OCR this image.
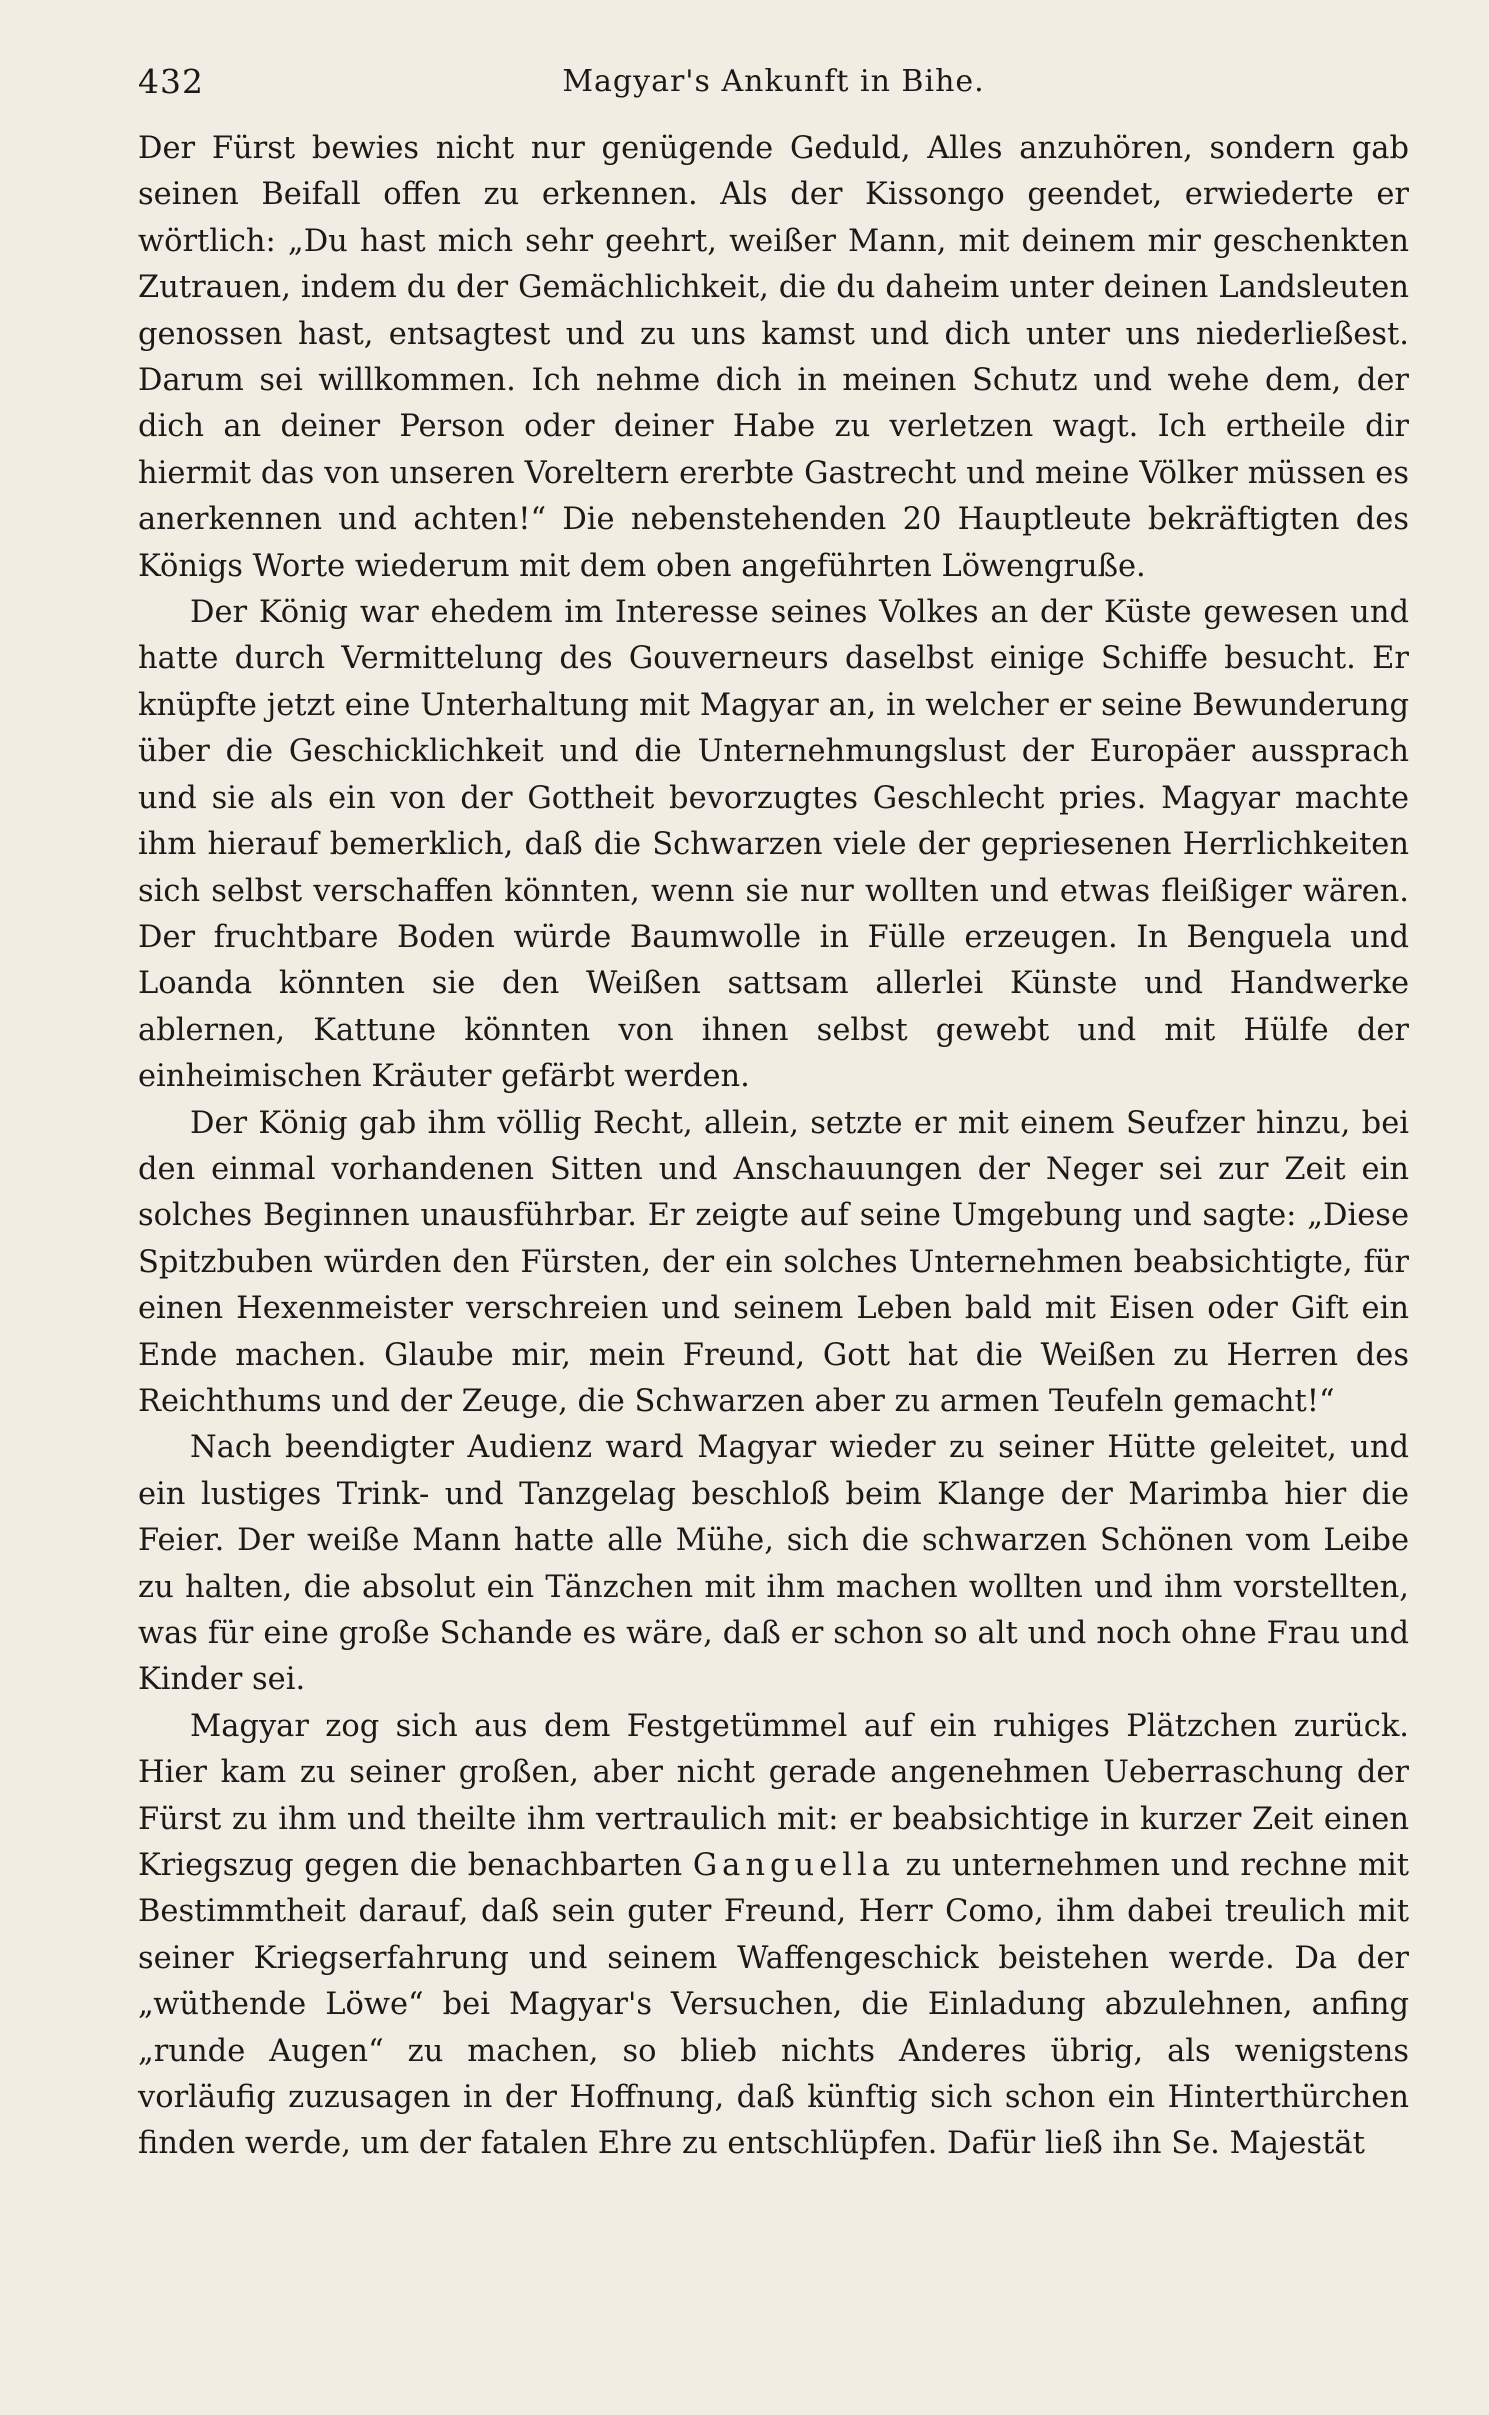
432	Magyar's Ankunft in Bihe.

Der Fürst bewies nicht nur genügende Geduld, Alles anzuhören, sondern gab seinen Beifall offen zu erkennen. Als der Kissongo geendet, erwiederte er wörtlich: „Du hast mich sehr geehrt, weißer Mann, mit deinem mir geschenkten Zutrauen, indem du der Gemächlichkeit, die du daheim unter deinen Landsleuten genossen hast, entsagtest und zu uns kamst und dich unter uns niederließest. Darum sei willkommen. Ich nehme dich in meinen Schutz und wehe dem, der dich an deiner Person oder deiner Habe zu verletzen wagt. Ich ertheile dir hiermit das von unseren Voreltern ererbte Gastrecht und meine Völker müssen es anerkennen und achten!“ Die nebenstehenden 20 Hauptleute bekräftigten des Königs Worte wiederum mit dem oben angeführten Löwengruße.

Der König war ehedem im Interesse seines Volkes an der Küste gewesen und hatte durch Vermittelung des Gouverneurs daselbst einige Schiffe besucht. Er knüpfte jetzt eine Unterhaltung mit Magyar an, in welcher er seine Bewunderung über die Geschicklichkeit und die Unternehmungslust der Europäer aussprach und sie als ein von der Gottheit bevorzugtes Geschlecht pries. Magyar machte ihm hierauf bemerklich, daß die Schwarzen viele der gepriesenen Herrlichkeiten sich selbst verschaffen könnten, wenn sie nur wollten und etwas fleißiger wären. Der fruchtbare Boden würde Baumwolle in Fülle erzeugen. In Benguela und Loanda könnten sie den Weißen sattsam allerlei Künste und Handwerke ablernen, Kattune könnten von ihnen selbst gewebt und mit Hülfe der einheimischen Kräuter gefärbt werden.

Der König gab ihm völlig Recht, allein, setzte er mit einem Seufzer hinzu, bei den einmal vorhandenen Sitten und Anschauungen der Neger sei zur Zeit ein solches Beginnen unausführbar. Er zeigte auf seine Umgebung und sagte: „Diese Spitzbuben würden den Fürsten, der ein solches Unternehmen beabsichtigte, für einen Hexenmeister verschreien und seinem Leben bald mit Eisen oder Gift ein Ende machen. Glaube mir, mein Freund, Gott hat die Weißen zu Herren des Reichthums und der Zeuge, die Schwarzen aber zu armen Teufeln gemacht!“

Nach beendigter Audienz ward Magyar wieder zu seiner Hütte geleitet, und ein lustiges Trink- und Tanzgelag beschloß beim Klange der Marimba hier die Feier. Der weiße Mann hatte alle Mühe, sich die schwarzen Schönen vom Leibe zu halten, die absolut ein Tänzchen mit ihm machen wollten und ihm vorstellten, was für eine große Schande es wäre, daß er schon so alt und noch ohne Frau und Kinder sei.

Magyar zog sich aus dem Festgetümmel auf ein ruhiges Plätzchen zurück. Hier kam zu seiner großen, aber nicht gerade angenehmen Ueberraschung der Fürst zu ihm und theilte ihm vertraulich mit: er beabsichtige in kurzer Zeit einen Kriegszug gegen die benachbarten Ganguella zu unternehmen und rechne mit Bestimmtheit darauf, daß sein guter Freund, Herr Como, ihm dabei treulich mit seiner Kriegserfahrung und seinem Waffengeschick beistehen werde. Da der „wüthende Löwe“ bei Magyar's Versuchen, die Einladung abzulehnen, anfing „runde Augen“ zu machen, so blieb nichts Anderes übrig, als wenigstens vorläufig zuzusagen in der Hoffnung, daß künftig sich schon ein Hinterthürchen finden werde, um der fatalen Ehre zu entschlüpfen. Dafür ließ ihn Se. Majestät
